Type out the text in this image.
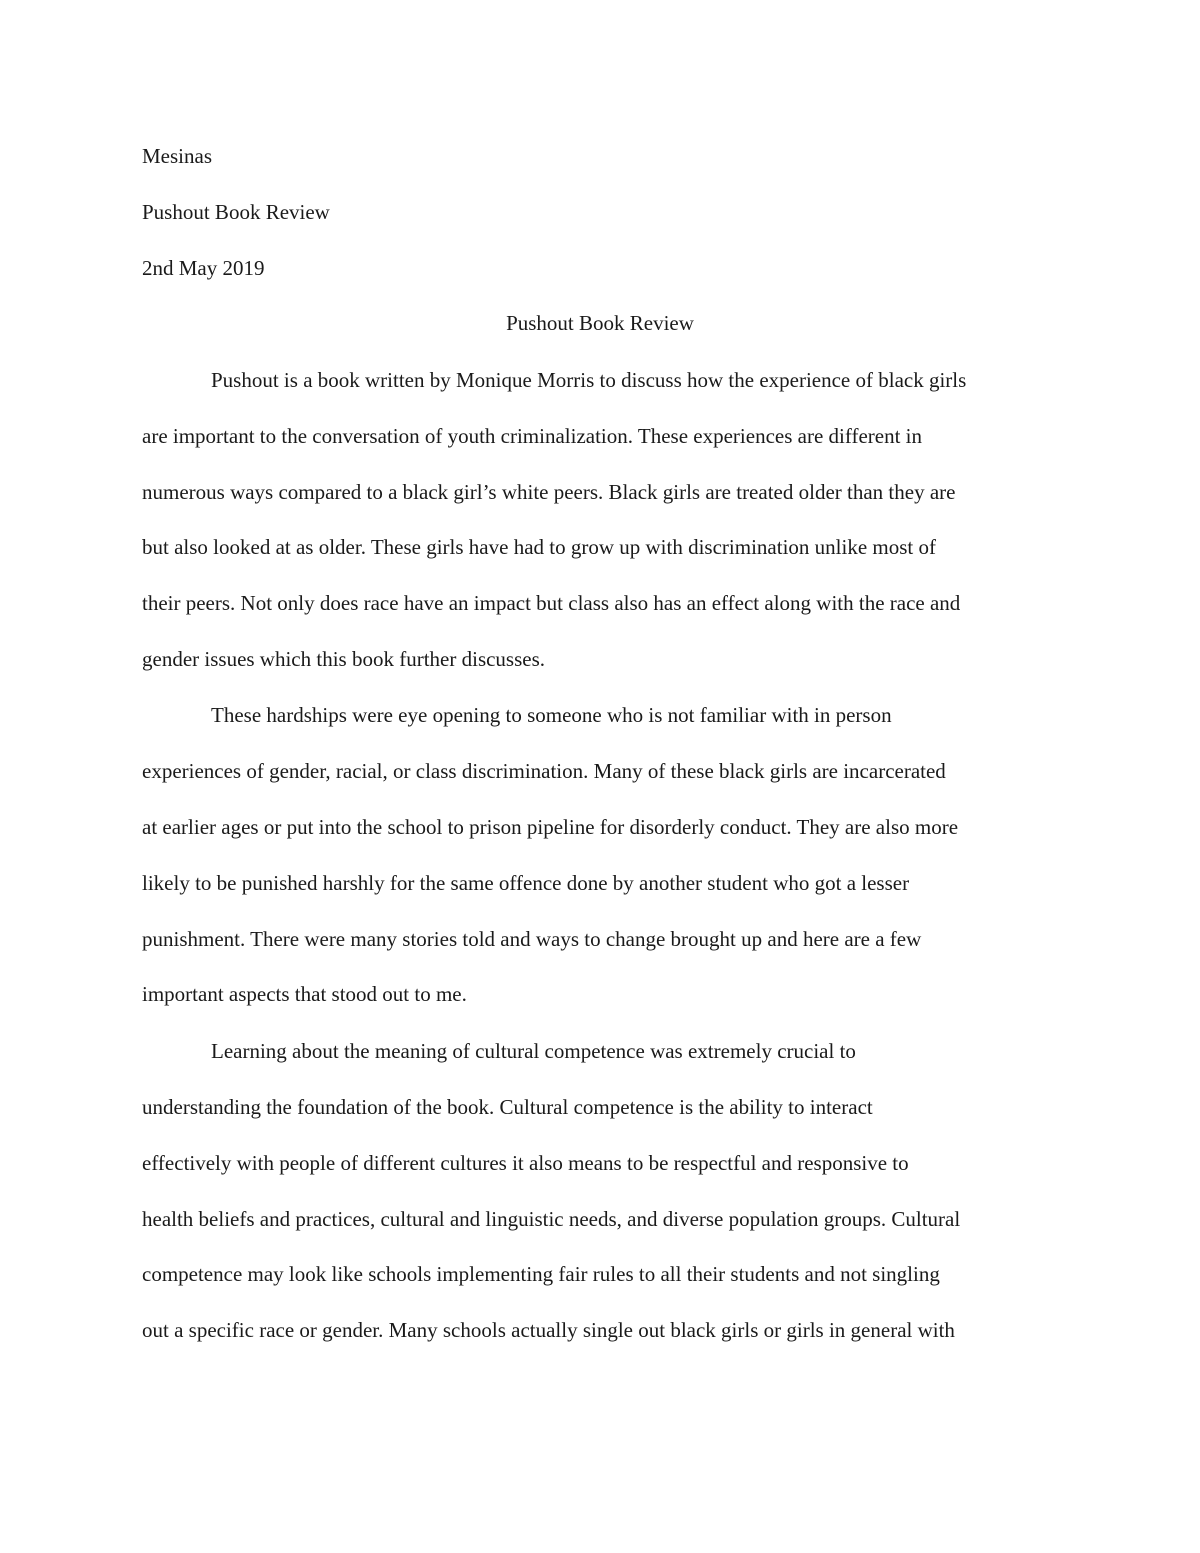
Mesinas
Pushout Book Review
2nd May 2019
Pushout Book Review
Pushout is a book written by Monique Morris to discuss how the experience of black girls
are important to the conversation of youth criminalization. These experiences are different in
numerous ways compared to a black girl’s white peers. Black girls are treated older than they are
but also looked at as older. These girls have had to grow up with discrimination unlike most of
their peers. Not only does race have an impact but class also has an effect along with the race and
gender issues which this book further discusses.
These hardships were eye opening to someone who is not familiar with in person
experiences of gender, racial, or class discrimination. Many of these black girls are incarcerated
at earlier ages or put into the school to prison pipeline for disorderly conduct. They are also more
likely to be punished harshly for the same offence done by another student who got a lesser
punishment. There were many stories told and ways to change brought up and here are a few
important aspects that stood out to me.
Learning about the meaning of cultural competence was extremely crucial to
understanding the foundation of the book. Cultural competence is the ability to interact
effectively with people of different cultures it also means to be respectful and responsive to
health beliefs and practices, cultural and linguistic needs, and diverse population groups. Cultural
competence may look like schools implementing fair rules to all their students and not singling
out a specific race or gender. Many schools actually single out black girls or girls in general with
